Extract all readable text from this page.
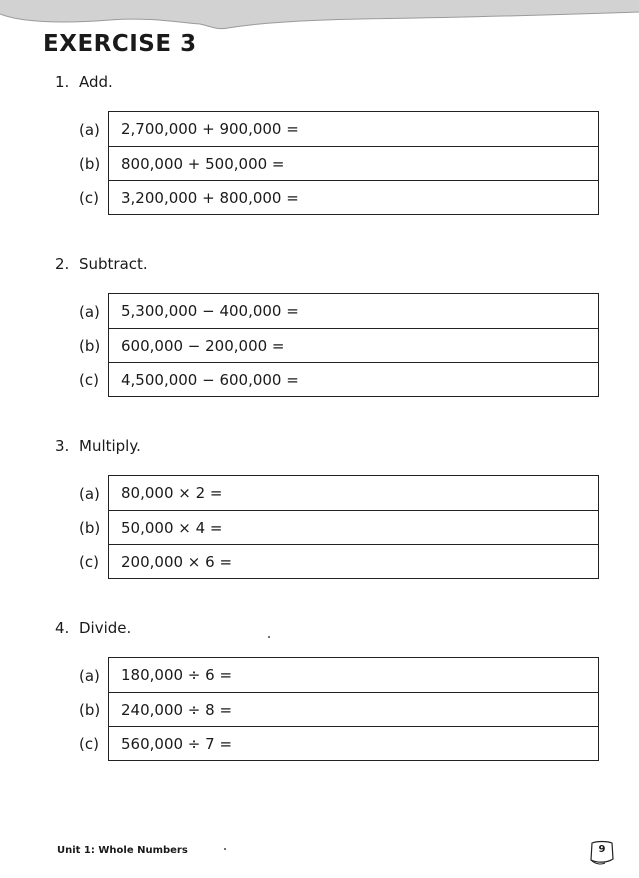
EXERCISE 3
1. Add.
(a)
(b)
(c)
2,700,000 + 900,000 =
800,000 + 500,000 =
3,200,000 + 800,000 =
2. Subtract.
(a)
(b)
(c)
5,300,000 − 400,000 =
600,000 − 200,000 =
4,500,000 − 600,000 =
3. Multiply.
(a)
(b)
(c)
80,000 × 2 =
50,000 × 4 =
200,000 × 6 =
4. Divide.
(a)
(b)
(c)
180,000 ÷ 6 =
240,000 ÷ 8 =
560,000 ÷ 7 =
Unit 1: Whole Numbers	9
